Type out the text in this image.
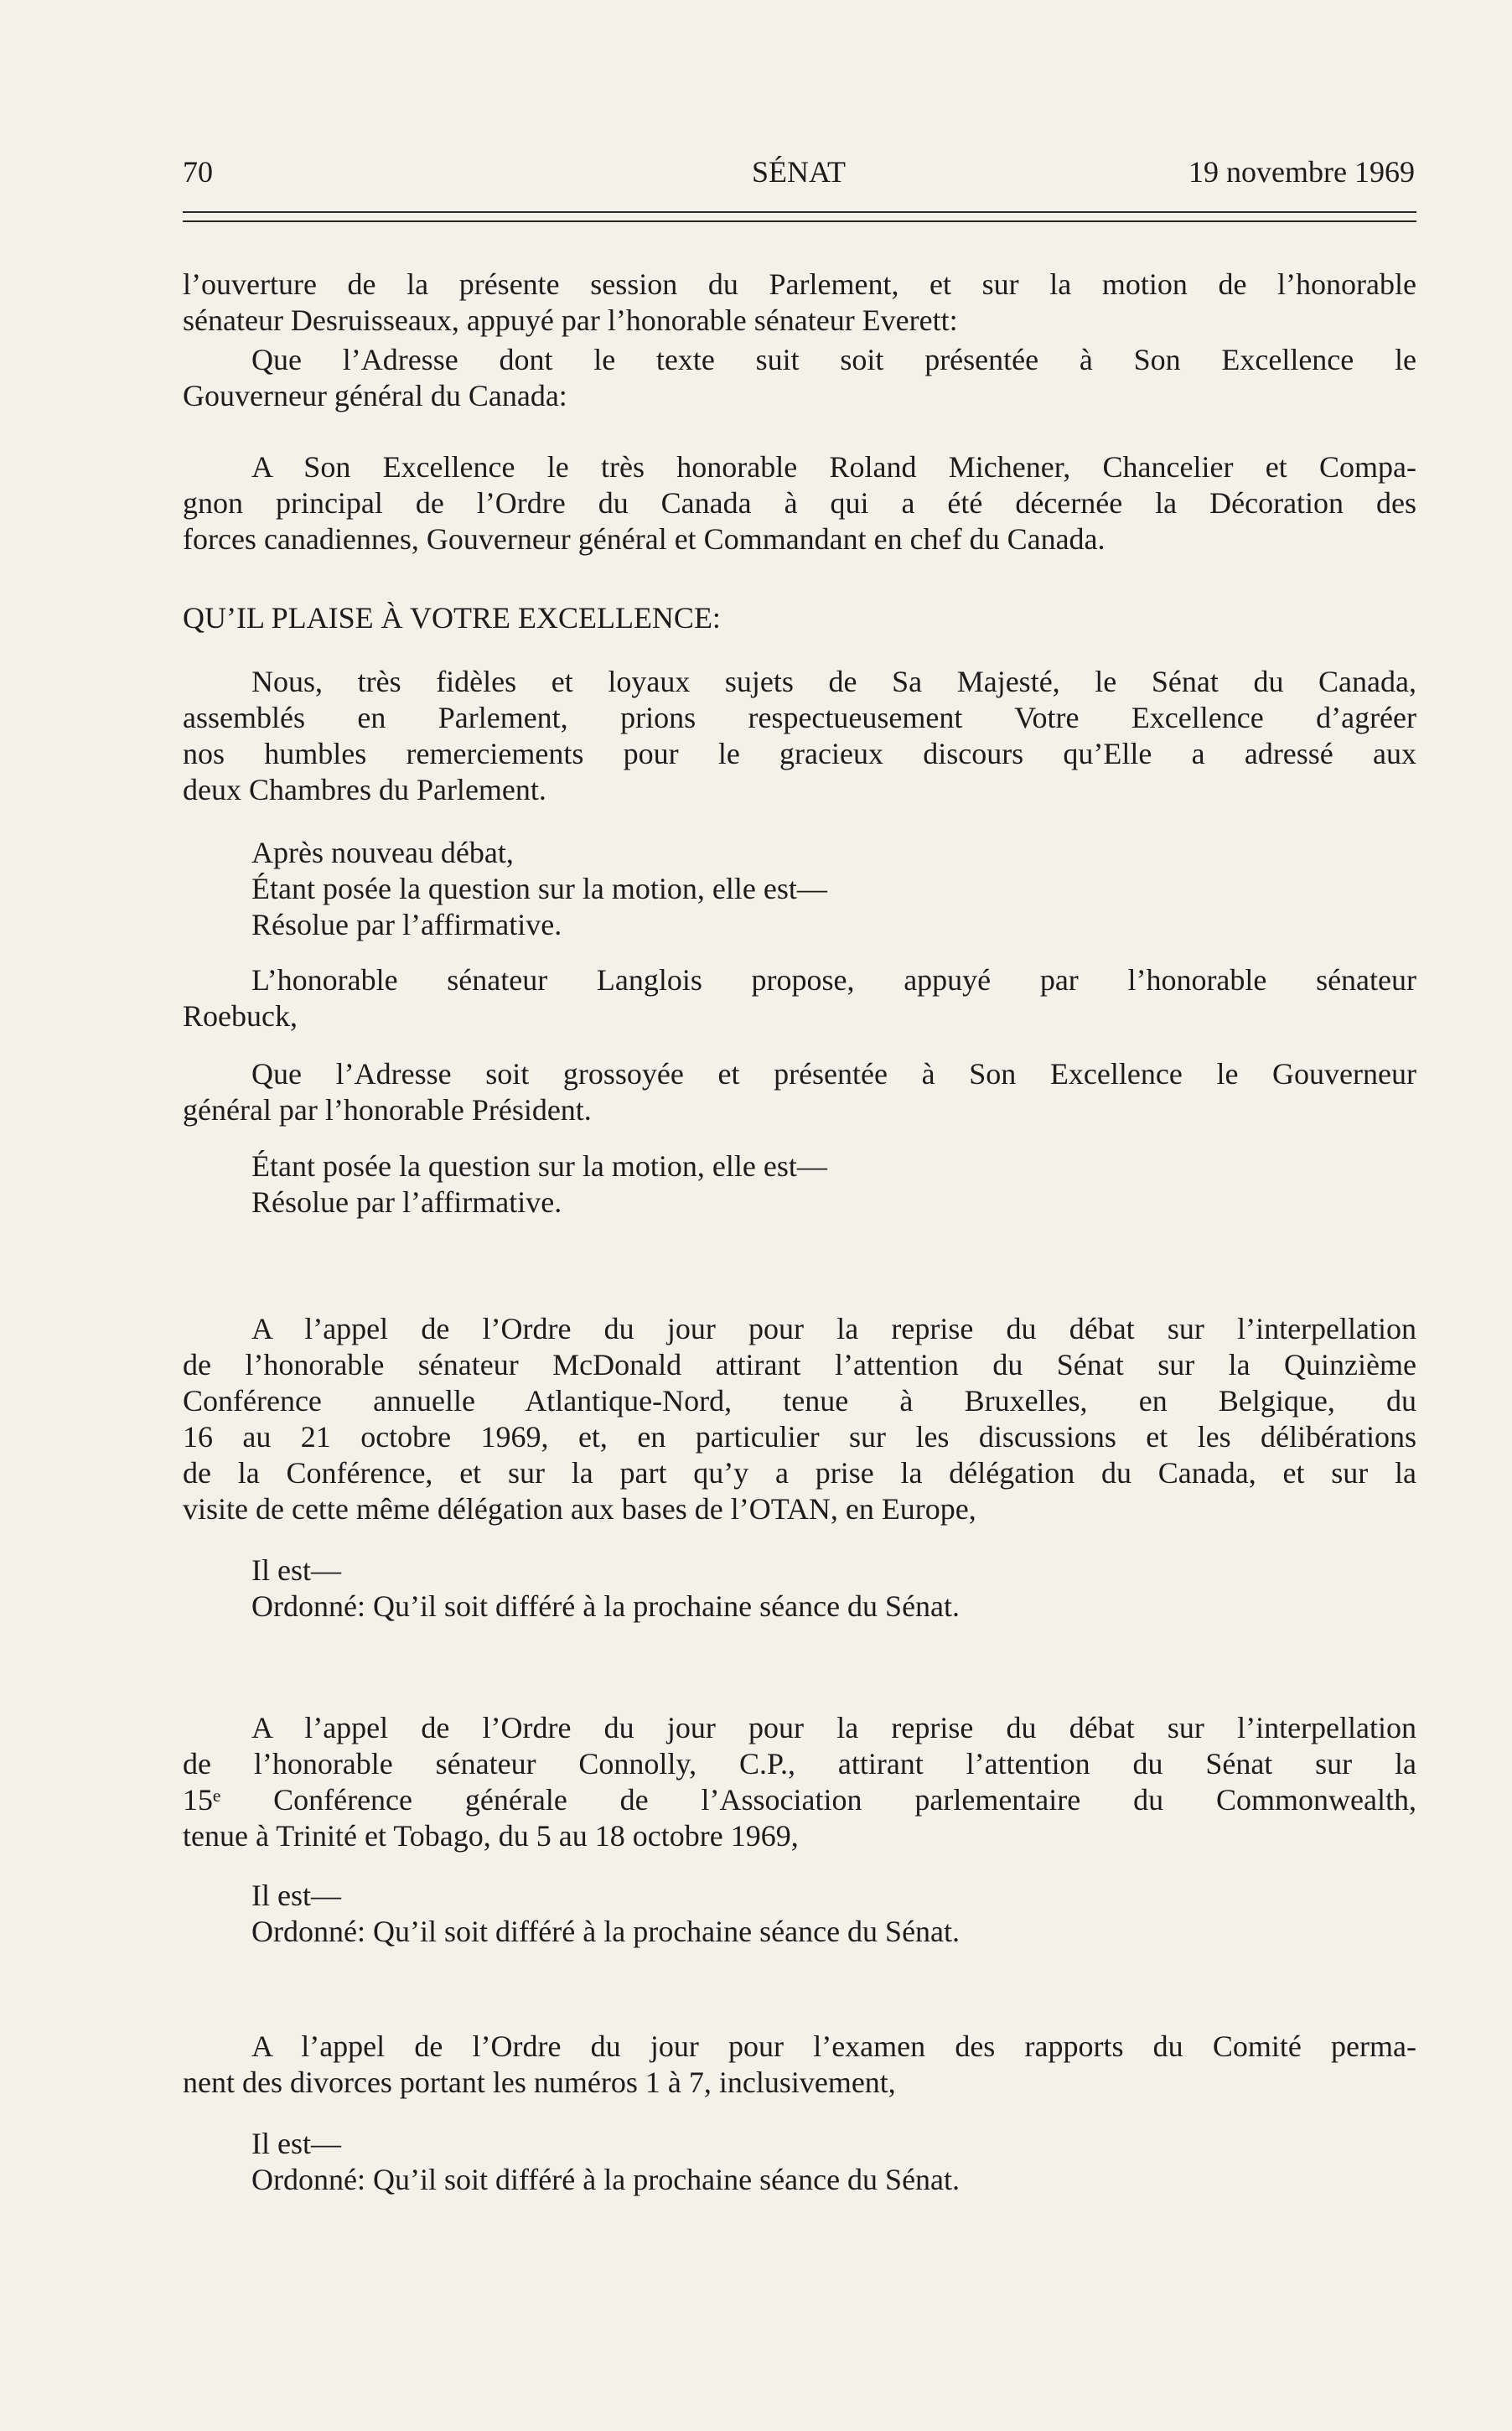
70	SÉNAT	19 novembre 1969

l’ouverture de la présente session du Parlement, et sur la motion de l’honorable

sénateur Desruisseaux, appuyé par l’honorable sénateur Everett:

Que l’Adresse dont le texte suit soit présentée à Son Excellence le

Gouverneur général du Canada:

A Son Excellence le très honorable Roland Michener, Chancelier et Compa-

gnon principal de l’Ordre du Canada à qui a été décernée la Décoration des

forces canadiennes, Gouverneur général et Commandant en chef du Canada.

QU’IL PLAISE À VOTRE EXCELLENCE:

Nous, très fidèles et loyaux sujets de Sa Majesté, le Sénat du Canada,

assemblés en Parlement, prions respectueusement Votre Excellence d’agréer

nos humbles remerciements pour le gracieux discours qu’Elle a adressé aux

deux Chambres du Parlement.

Après nouveau débat,

Étant posée la question sur la motion, elle est—

Résolue par l’affirmative.

L’honorable sénateur Langlois propose, appuyé par l’honorable sénateur

Roebuck,

Que l’Adresse soit grossoyée et présentée à Son Excellence le Gouverneur

général par l’honorable Président.

Étant posée la question sur la motion, elle est—

Résolue par l’affirmative.

A l’appel de l’Ordre du jour pour la reprise du débat sur l’interpellation

de l’honorable sénateur McDonald attirant l’attention du Sénat sur la Quinzième

Conférence annuelle Atlantique-Nord, tenue à Bruxelles, en Belgique, du

16 au 21 octobre 1969, et, en particulier sur les discussions et les délibérations

de la Conférence, et sur la part qu’y a prise la délégation du Canada, et sur la

visite de cette même délégation aux bases de l’OTAN, en Europe,

Il est—

Ordonné: Qu’il soit différé à la prochaine séance du Sénat.

A l’appel de l’Ordre du jour pour la reprise du débat sur l’interpellation

de l’honorable sénateur Connolly, C.P., attirant l’attention du Sénat sur la

15ᵉ Conférence générale de l’Association parlementaire du Commonwealth,

tenue à Trinité et Tobago, du 5 au 18 octobre 1969,

Il est—

Ordonné: Qu’il soit différé à la prochaine séance du Sénat.

A l’appel de l’Ordre du jour pour l’examen des rapports du Comité perma-

nent des divorces portant les numéros 1 à 7, inclusivement,

Il est—

Ordonné: Qu’il soit différé à la prochaine séance du Sénat.
